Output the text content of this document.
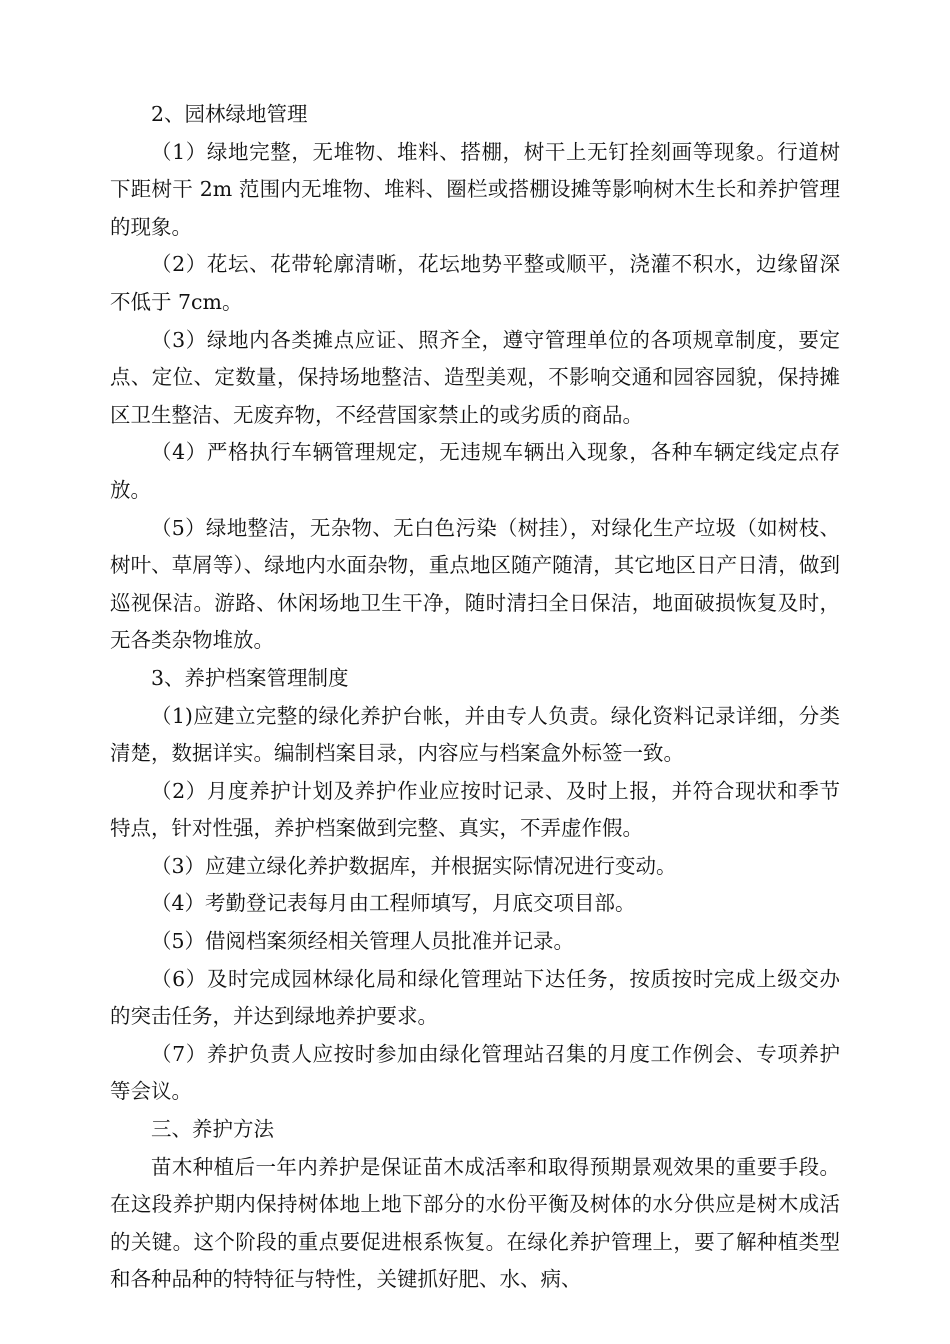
2、园林绿地管理

（1）绿地完整，无堆物、堆料、搭棚，树干上无钉拴刻画等现象。行道树下距树干 2m 范围内无堆物、堆料、圈栏或搭棚设摊等影响树木生长和养护管理的现象。

（2）花坛、花带轮廓清晰，花坛地势平整或顺平，浇灌不积水，边缘留深不低于 7cm。

（3）绿地内各类摊点应证、照齐全，遵守管理单位的各项规章制度，要定点、定位、定数量，保持场地整洁、造型美观，不影响交通和园容园貌，保持摊区卫生整洁、无废弃物，不经营国家禁止的或劣质的商品。

（4）严格执行车辆管理规定，无违规车辆出入现象，各种车辆定线定点存放。

（5）绿地整洁，无杂物、无白色污染（树挂），对绿化生产垃圾（如树枝、树叶、草屑等）、绿地内水面杂物，重点地区随产随清，其它地区日产日清，做到巡视保洁。游路、休闲场地卫生干净，随时清扫全日保洁，地面破损恢复及时，无各类杂物堆放。

3、养护档案管理制度

（1)应建立完整的绿化养护台帐，并由专人负责。绿化资料记录详细，分类清楚，数据详实。编制档案目录，内容应与档案盒外标签一致。

（2）月度养护计划及养护作业应按时记录、及时上报，并符合现状和季节特点，针对性强，养护档案做到完整、真实，不弄虚作假。

（3）应建立绿化养护数据库，并根据实际情况进行变动。

（4）考勤登记表每月由工程师填写，月底交项目部。

（5）借阅档案须经相关管理人员批准并记录。

（6）及时完成园林绿化局和绿化管理站下达任务，按质按时完成上级交办的突击任务，并达到绿地养护要求。

（7）养护负责人应按时参加由绿化管理站召集的月度工作例会、专项养护等会议。

三、养护方法

苗木种植后一年内养护是保证苗木成活率和取得预期景观效果的重要手段。在这段养护期内保持树体地上地下部分的水份平衡及树体的水分供应是树木成活的关键。这个阶段的重点要促进根系恢复。在绿化养护管理上，要了解种植类型和各种品种的特特征与特性，关键抓好肥、水、病、
